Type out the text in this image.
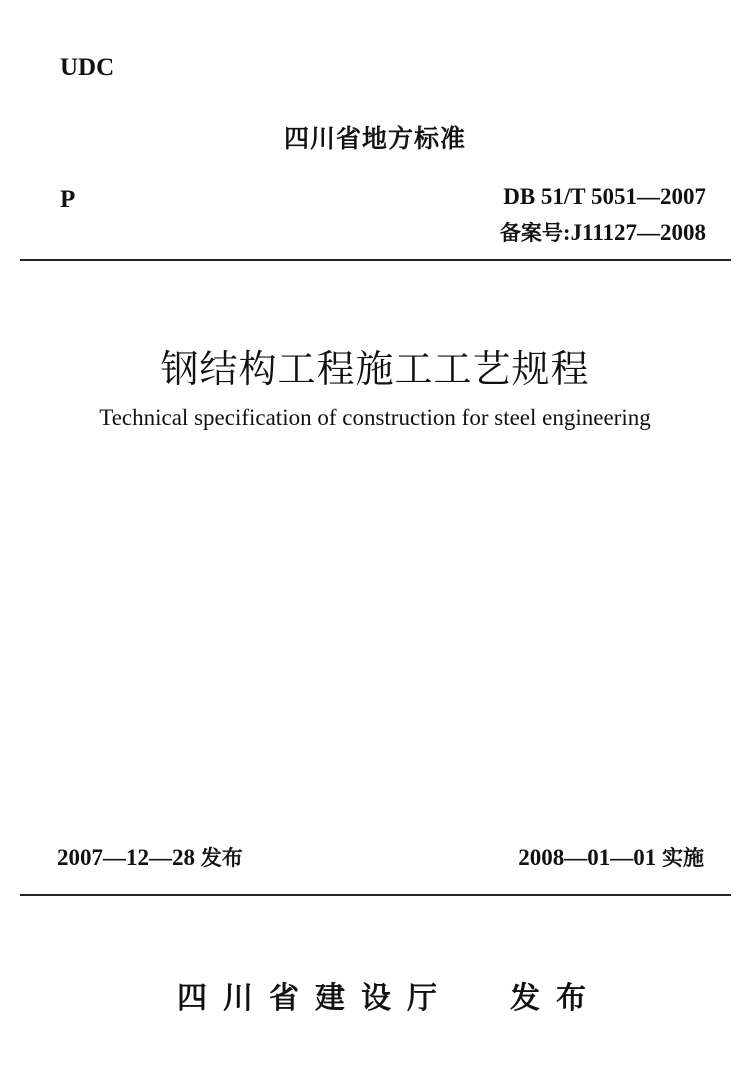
UDC
四川省地方标准
P	DB 51/T 5051—2007
备案号:J11127—2008
钢结构工程施工工艺规程
Technical specification of construction for steel engineering
2007—12—28 发布	2008—01—01 实施
四川省建设厅 发布
